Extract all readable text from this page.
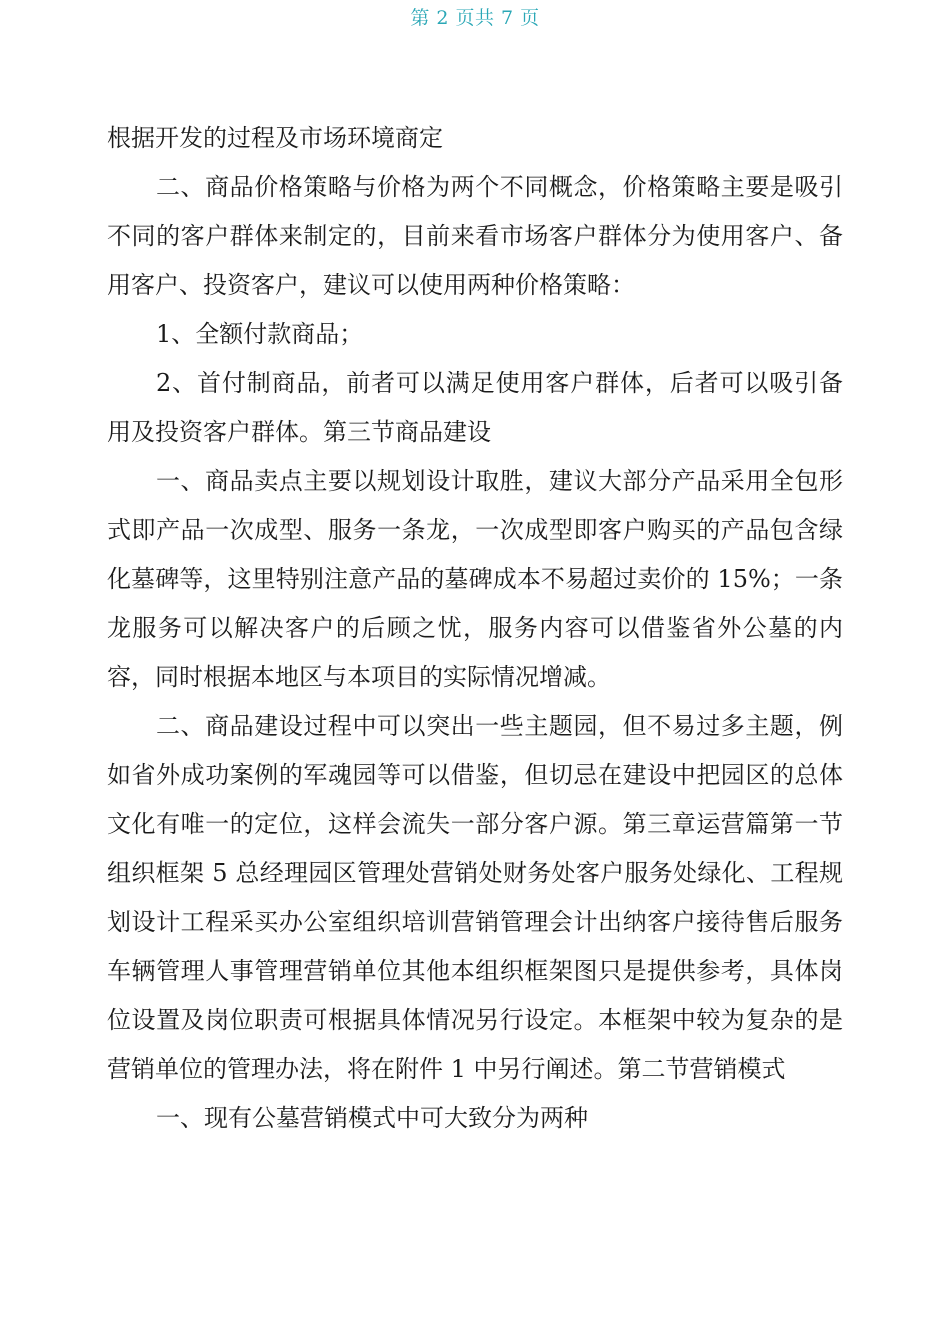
第 2 页共 7 页

根据开发的过程及市场环境商定

二、商品价格策略与价格为两个不同概念，价格策略主要是吸引不同的客户群体来制定的，目前来看市场客户群体分为使用客户、备用客户、投资客户，建议可以使用两种价格策略：

1、全额付款商品；

2、首付制商品，前者可以满足使用客户群体，后者可以吸引备用及投资客户群体。第三节商品建设

一、商品卖点主要以规划设计取胜，建议大部分产品采用全包形式即产品一次成型、服务一条龙，一次成型即客户购买的产品包含绿化墓碑等，这里特别注意产品的墓碑成本不易超过卖价的 15%；一条龙服务可以解决客户的后顾之忧，服务内容可以借鉴省外公墓的内容，同时根据本地区与本项目的实际情况增减。

二、商品建设过程中可以突出一些主题园，但不易过多主题，例如省外成功案例的军魂园等可以借鉴，但切忌在建设中把园区的总体文化有唯一的定位，这样会流失一部分客户源。第三章运营篇第一节组织框架 5 总经理园区管理处营销处财务处客户服务处绿化、工程规划设计工程采买办公室组织培训营销管理会计出纳客户接待售后服务车辆管理人事管理营销单位其他本组织框架图只是提供参考，具体岗位设置及岗位职责可根据具体情况另行设定。本框架中较为复杂的是营销单位的管理办法，将在附件 1 中另行阐述。第二节营销模式

一、现有公墓营销模式中可大致分为两种
